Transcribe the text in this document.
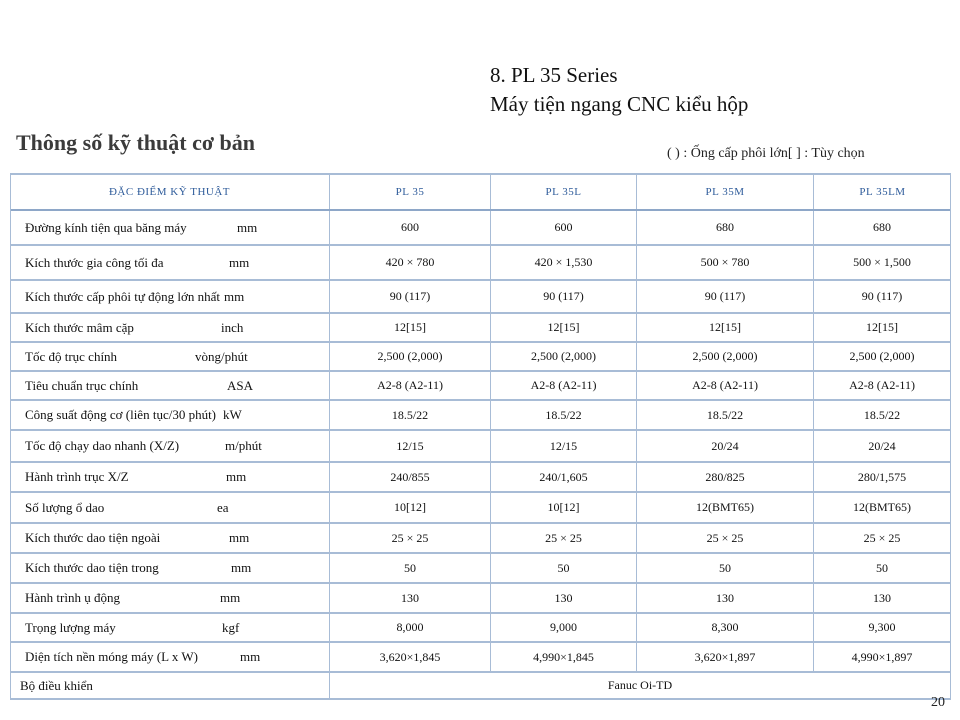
8. PL 35 Series
Máy tiện ngang CNC kiểu hộp
Thông số kỹ thuật cơ bản	( ) : Ống cấp phôi lớn[ ] : Tùy chọn
ĐẶC ĐIỂM KỸ THUẬT	PL 35	PL 35L	PL 35M	PL 35LM
Đường kính tiện qua băng máy	mm	600	600	680	680
Kích thước gia công tối đa	mm	420 × 780	420 × 1,530	500 × 780	500 × 1,500
Kích thước cấp phôi tự động lớn nhất mm	90 (117)	90 (117)	90 (117)	90 (117)
Kích thước mâm cặp	inch	12[15]	12[15]	12[15]	12[15]
Tốc độ trục chính	vòng/phút	2,500 (2,000)	2,500 (2,000)	2,500 (2,000)	2,500 (2,000)
Tiêu chuẩn trục chính	ASA	A2-8 (A2-11)	A2-8 (A2-11)	A2-8 (A2-11)	A2-8 (A2-11)
Công suất động cơ (liên tục/30 phút) kW	18.5/22	18.5/22	18.5/22	18.5/22
Tốc độ chạy dao nhanh (X/Z)	m/phút	12/15	12/15	20/24	20/24
Hành trình trục X/Z	mm	240/855	240/1,605	280/825	280/1,575
Số lượng ổ dao	ea	10[12]	10[12]	12(BMT65)	12(BMT65)
Kích thước dao tiện ngoài	mm	25 × 25	25 × 25	25 × 25	25 × 25
Kích thước dao tiện trong	mm	50	50	50	50
Hành trình ụ động	mm	130	130	130	130
Trọng lượng máy	kgf	8,000	9,000	8,300	9,300
Diện tích nền móng máy (L x W)	mm	3,620×1,845	4,990×1,845	3,620×1,897	4,990×1,897
Bộ điều khiển	Fanuc Oi-TD
20
